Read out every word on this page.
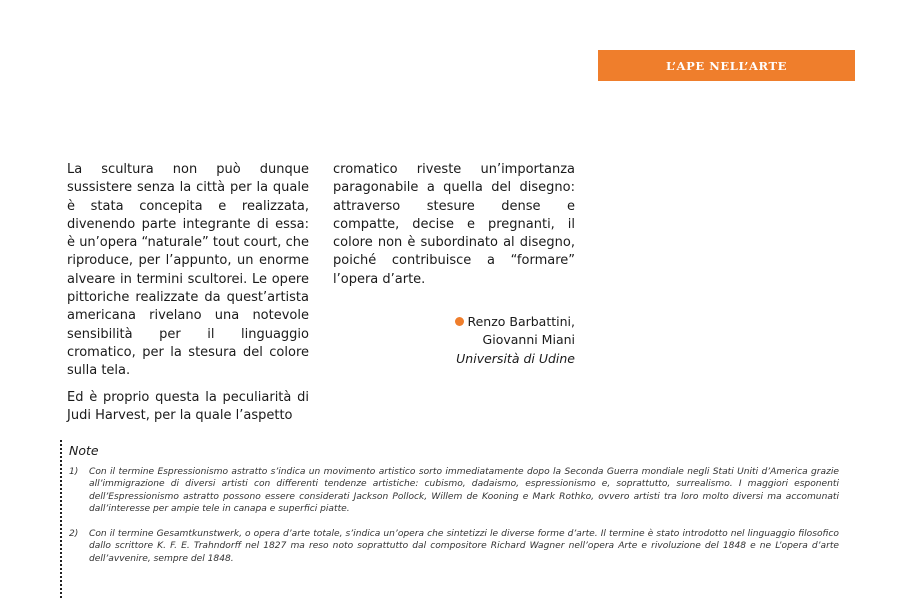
L’APE NELL’ARTE

La scultura non può dunque sussistere senza la città per la quale è stata concepita e realizzata, divenendo parte integrante di essa: è un’opera “naturale” tout court, che riproduce, per l’appunto, un enorme alveare in termini scultorei. Le opere pittoriche realizzate da quest’artista americana rivelano una notevole sensibilità per il linguaggio cromatico, per la stesura del colore sulla tela.

Ed è proprio questa la peculiarità di Judi Harvest, per la quale l’aspetto

cromatico riveste un’importanza paragonabile a quella del disegno: attraverso stesure dense e compatte, decise e pregnanti, il colore non è subordinato al disegno, poiché contribuisce a “formare” l’opera d’arte.

Renzo Barbattini,
Giovanni Miani
Università di Udine
Note
1) Con il termine Espressionismo astratto s’indica un movimento artistico sorto immediatamente dopo la Seconda Guerra mondiale negli Stati Uniti d’America grazie all’immigrazione di diversi artisti con differenti tendenze artistiche: cubismo, dadaismo, espressionismo e, soprattutto, surrealismo. I maggiori esponenti dell’Espressionismo astratto possono essere considerati Jackson Pollock, Willem de Kooning e Mark Rothko, ovvero artisti tra loro molto diversi ma accomunati dall’interesse per ampie tele in canapa e superfici piatte.
2) Con il termine Gesamtkunstwerk, o opera d’arte totale, s’indica un’opera che sintetizzi le diverse forme d’arte. Il termine è stato introdotto nel linguaggio filosofico dallo scrittore K. F. E. Trahndorff nel 1827 ma reso noto soprattutto dal compositore Richard Wagner nell’opera Arte e rivoluzione del 1848 e ne L’opera d’arte dell’avvenire, sempre del 1848.
